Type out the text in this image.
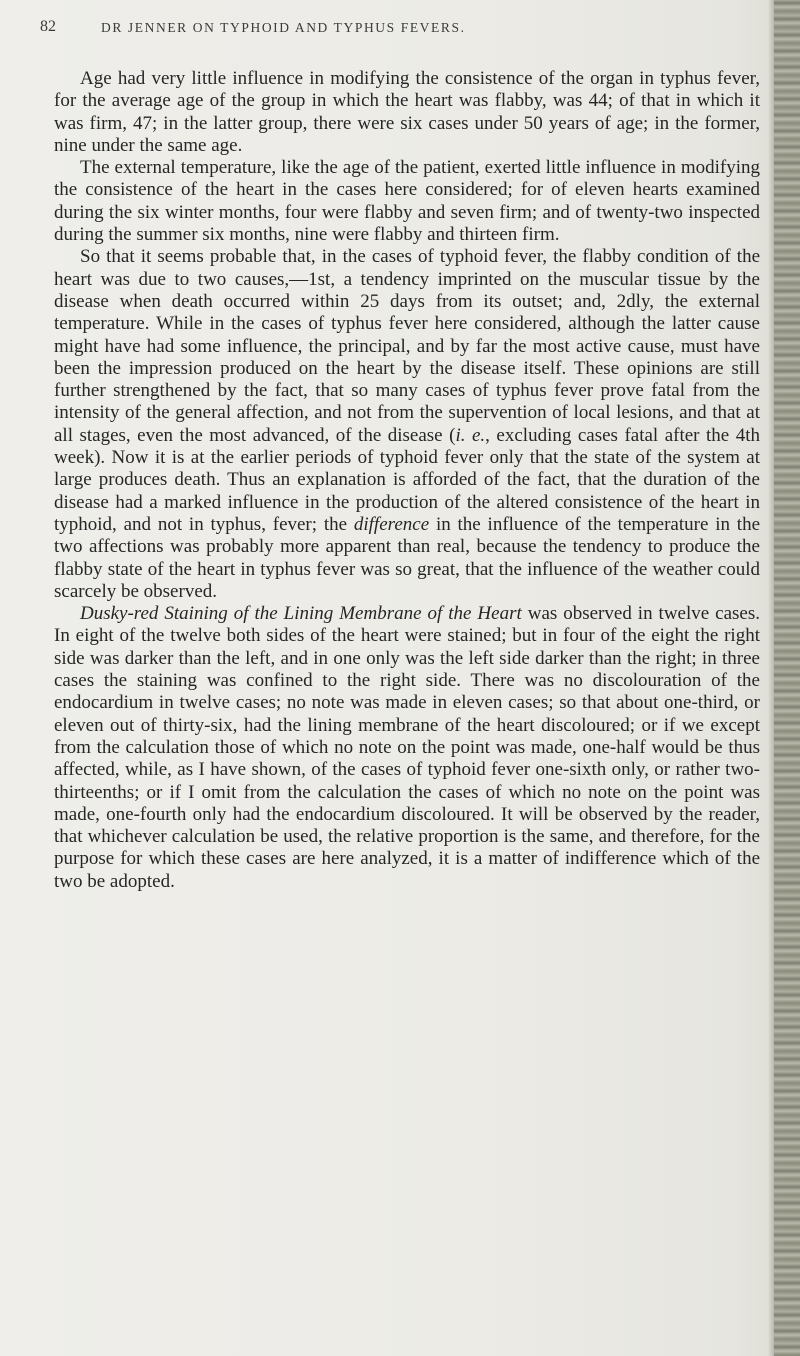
82	DR JENNER ON TYPHOID AND TYPHUS FEVERS.

Age had very little influence in modifying the consistence of the organ in typhus fever, for the average age of the group in which the heart was flabby, was 44; of that in which it was firm, 47; in the latter group, there were six cases under 50 years of age; in the former, nine under the same age.

The external temperature, like the age of the patient, exerted little influence in modifying the consistence of the heart in the cases here considered; for of eleven hearts examined during the six winter months, four were flabby and seven firm; and of twenty-two inspected during the summer six months, nine were flabby and thirteen firm.

So that it seems probable that, in the cases of typhoid fever, the flabby condition of the heart was due to two causes,—1st, a tendency imprinted on the muscular tissue by the disease when death occurred within 25 days from its outset; and, 2dly, the external temperature. While in the cases of typhus fever here considered, although the latter cause might have had some influence, the principal, and by far the most active cause, must have been the impression produced on the heart by the disease itself. These opinions are still further strengthened by the fact, that so many cases of typhus fever prove fatal from the intensity of the general affection, and not from the supervention of local lesions, and that at all stages, even the most advanced, of the disease (i. e., excluding cases fatal after the 4th week). Now it is at the earlier periods of typhoid fever only that the state of the system at large produces death. Thus an explanation is afforded of the fact, that the duration of the disease had a marked influence in the production of the altered consistence of the heart in typhoid, and not in typhus, fever; the difference in the influence of the temperature in the two affections was probably more apparent than real, because the tendency to produce the flabby state of the heart in typhus fever was so great, that the influence of the weather could scarcely be observed.

Dusky-red Staining of the Lining Membrane of the Heart was observed in twelve cases. In eight of the twelve both sides of the heart were stained; but in four of the eight the right side was darker than the left, and in one only was the left side darker than the right; in three cases the staining was confined to the right side. There was no discolouration of the endocardium in twelve cases; no note was made in eleven cases; so that about one-third, or eleven out of thirty-six, had the lining membrane of the heart discoloured; or if we except from the calculation those of which no note on the point was made, one-half would be thus affected, while, as I have shown, of the cases of typhoid fever one-sixth only, or rather two-thirteenths; or if I omit from the calculation the cases of which no note on the point was made, one-fourth only had the endocardium discoloured. It will be observed by the reader, that whichever calculation be used, the relative proportion is the same, and therefore, for the purpose for which these cases are here analyzed, it is a matter of indifference which of the two be adopted.
